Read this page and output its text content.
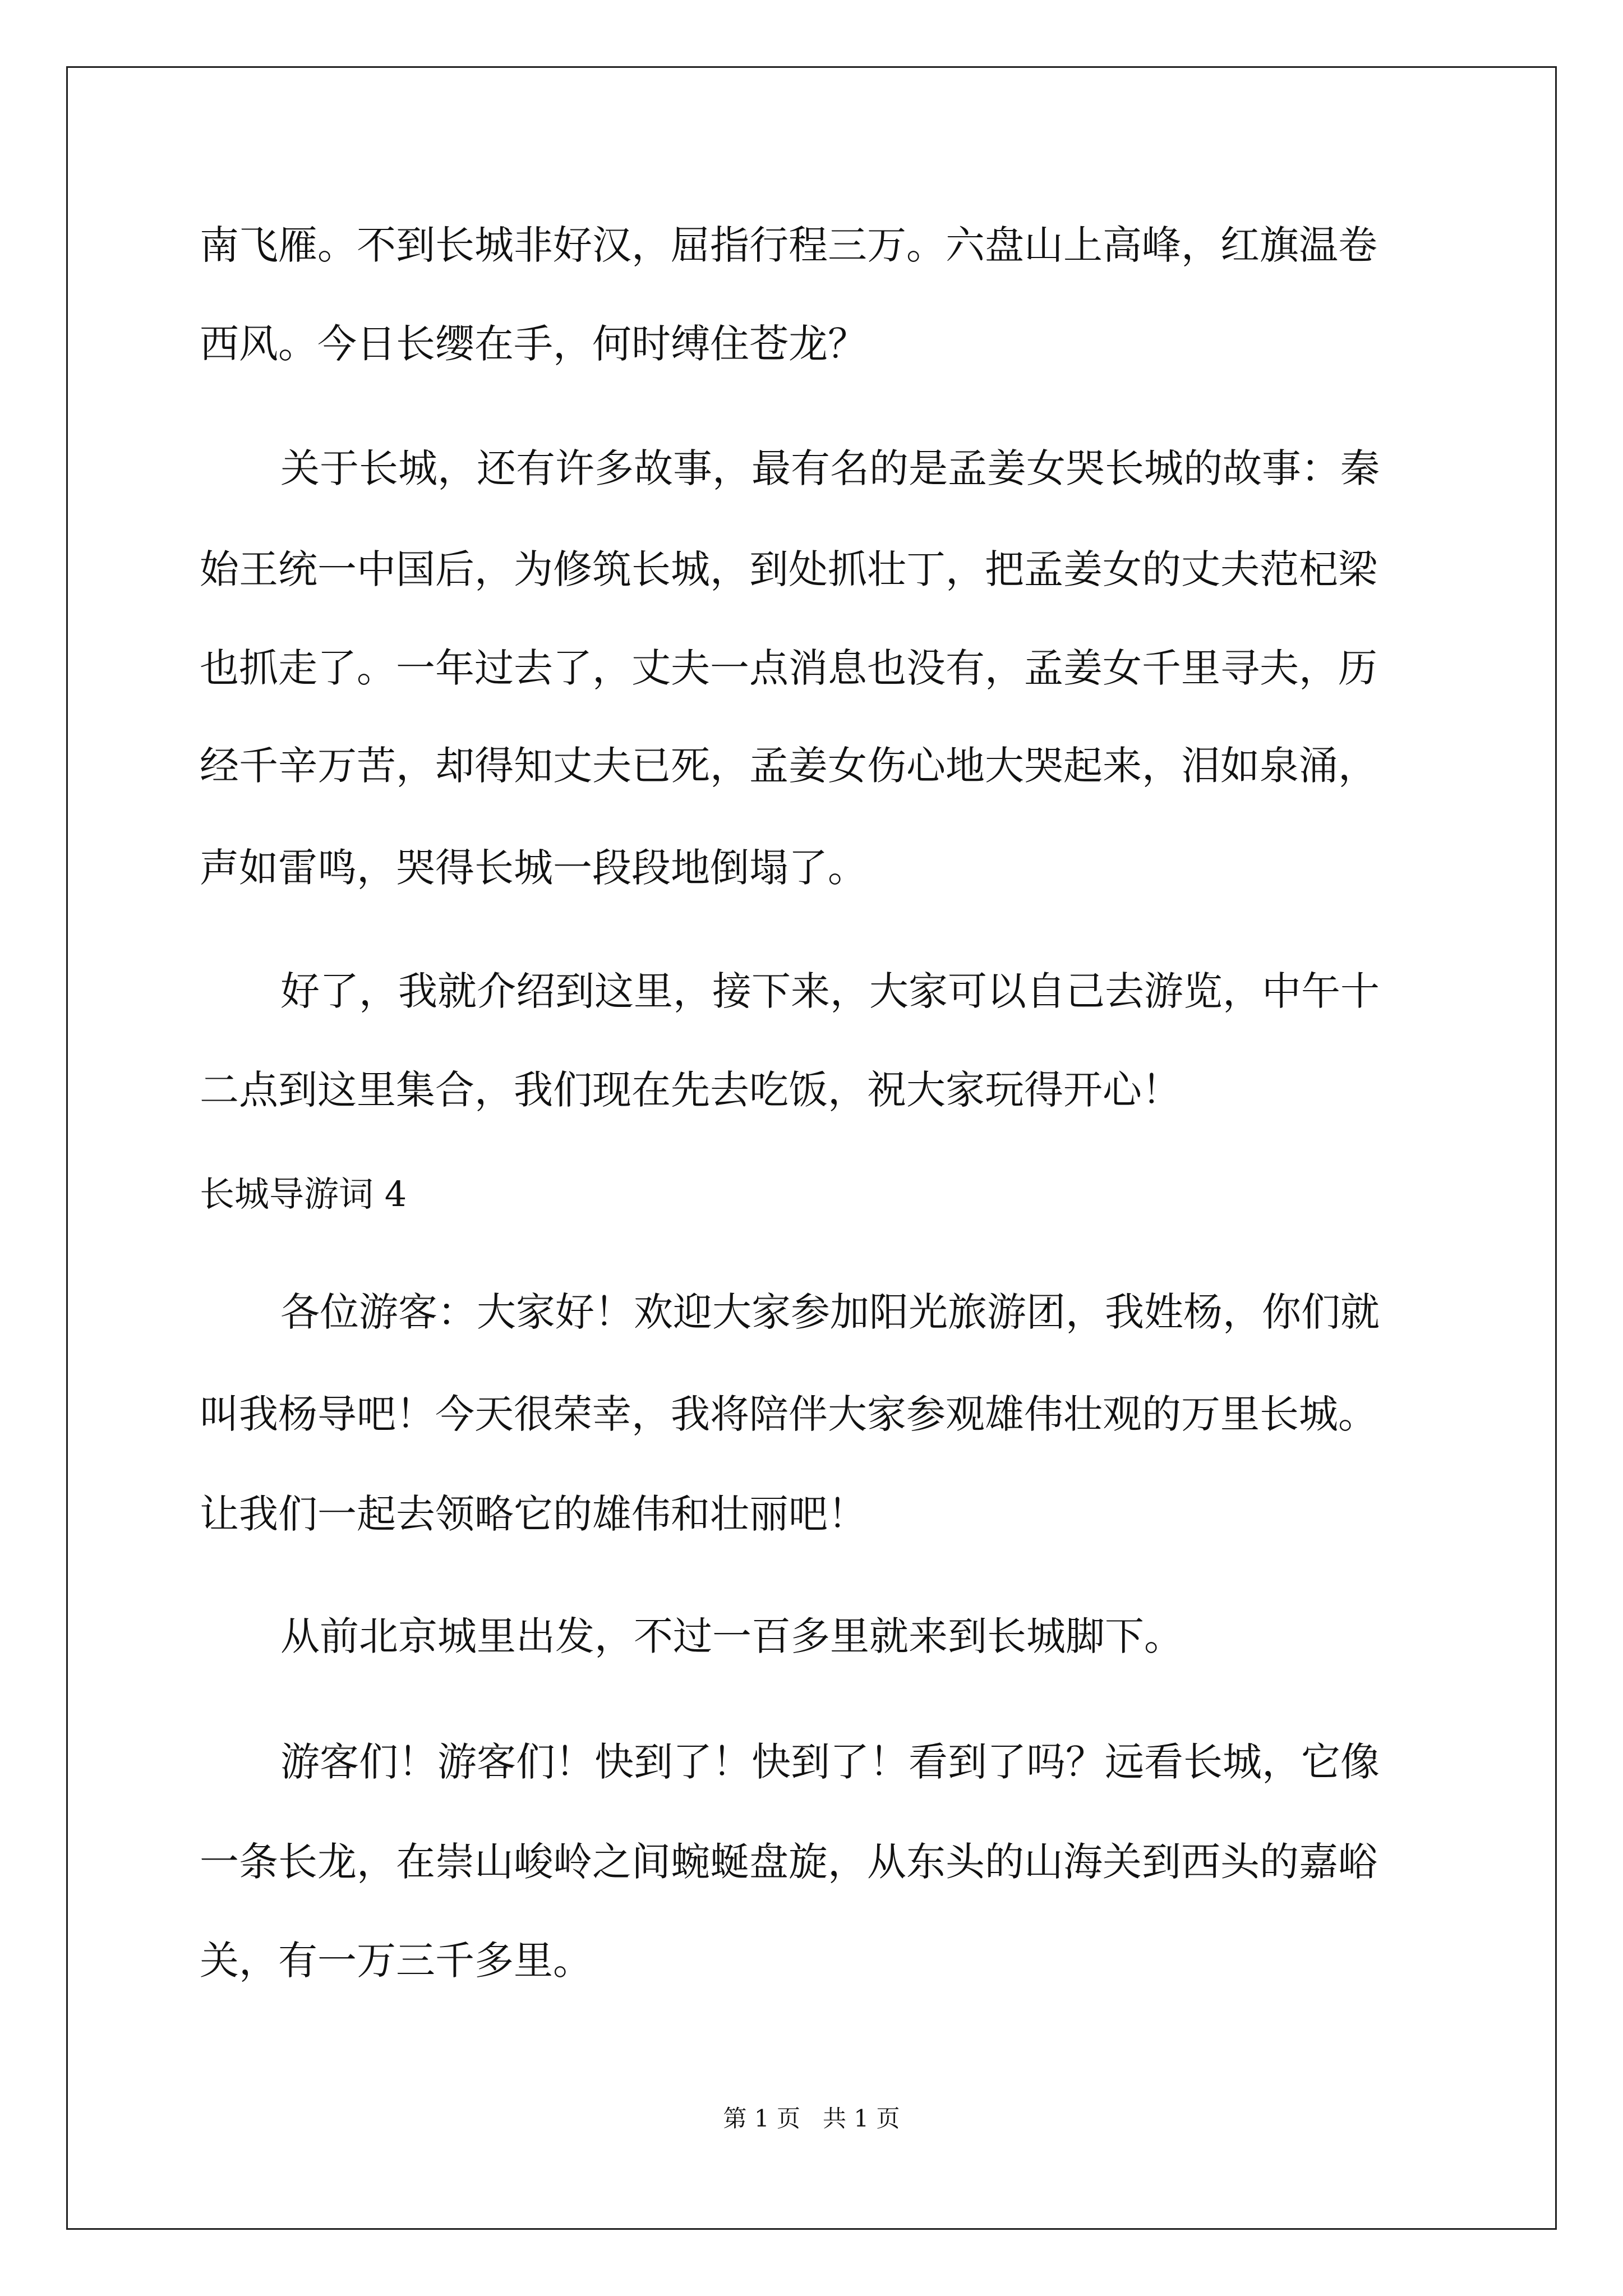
南飞雁。不到长城非好汉，屈指行程三万。六盘山上高峰，红旗温卷
西风。今日长缨在手，何时缚住苍龙？
关于长城，还有许多故事，最有名的是孟姜女哭长城的故事：秦
始王统一中国后，为修筑长城，到处抓壮丁，把孟姜女的丈夫范杞梁
也抓走了。一年过去了，丈夫一点消息也没有，孟姜女千里寻夫，历
经千辛万苦，却得知丈夫已死，孟姜女伤心地大哭起来，泪如泉涌，
声如雷鸣，哭得长城一段段地倒塌了。
好了，我就介绍到这里，接下来，大家可以自己去游览，中午十
二点到这里集合，我们现在先去吃饭，祝大家玩得开心！
长城导游词 4
各位游客：大家好！欢迎大家参加阳光旅游团，我姓杨，你们就
叫我杨导吧！今天很荣幸，我将陪伴大家参观雄伟壮观的万里长城。
让我们一起去领略它的雄伟和壮丽吧！
从前北京城里出发，不过一百多里就来到长城脚下。
游客们！游客们！快到了！快到了！看到了吗？远看长城，它像
一条长龙，在崇山峻岭之间蜿蜒盘旋，从东头的山海关到西头的嘉峪
关，有一万三千多里。
第 1 页   共 1 页
